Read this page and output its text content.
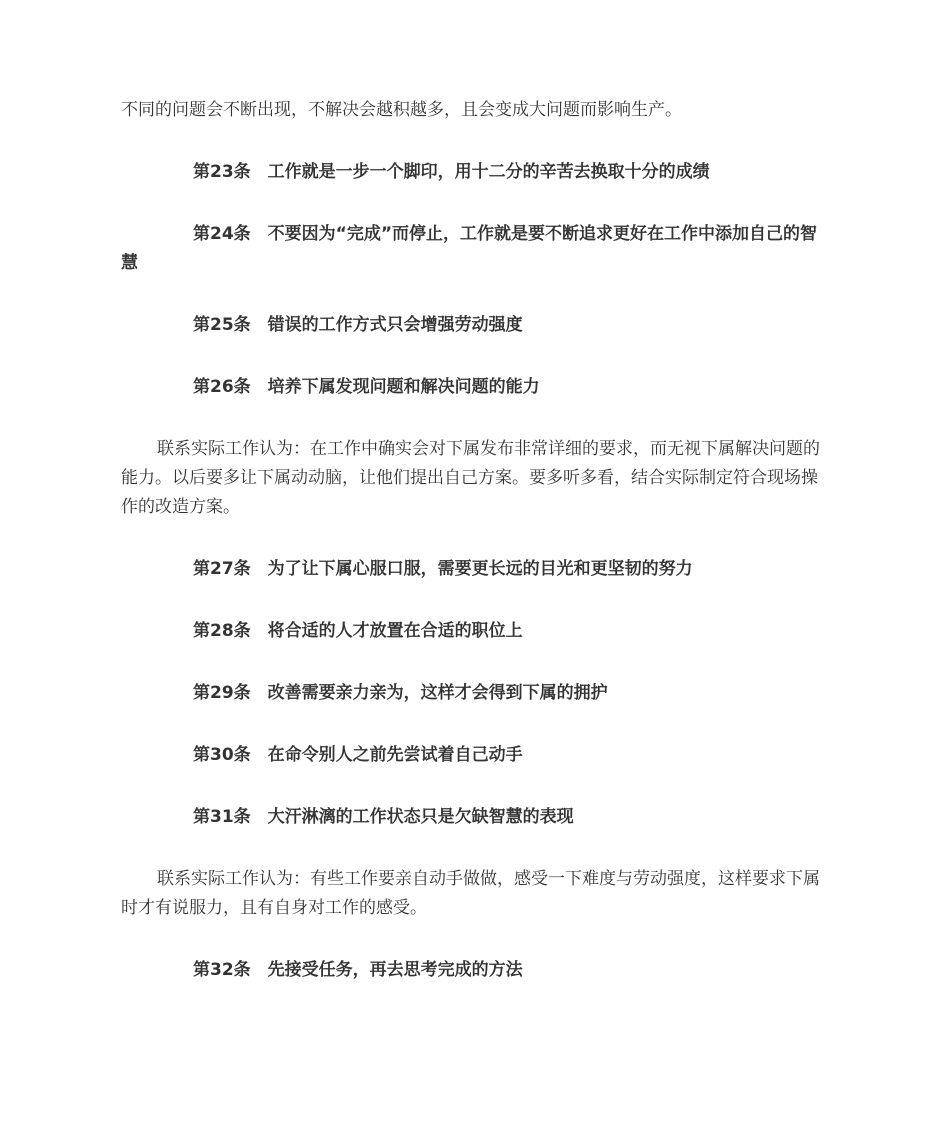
不同的问题会不断出现，不解决会越积越多，且会变成大问题而影响生产。

第23条 工作就是一步一个脚印，用十二分的辛苦去换取十分的成绩

第24条 不要因为“完成”而停止，工作就是要不断追求更好在工作中添加自己的智慧

第25条 错误的工作方式只会增强劳动强度

第26条 培养下属发现问题和解决问题的能力

联系实际工作认为：在工作中确实会对下属发布非常详细的要求，而无视下属解决问题的能力。以后要多让下属动动脑，让他们提出自己方案。要多听多看，结合实际制定符合现场操作的改造方案。

第27条 为了让下属心服口服，需要更长远的目光和更坚韧的努力

第28条 将合适的人才放置在合适的职位上

第29条 改善需要亲力亲为，这样才会得到下属的拥护

第30条 在命令别人之前先尝试着自己动手

第31条 大汗淋漓的工作状态只是欠缺智慧的表现

联系实际工作认为：有些工作要亲自动手做做，感受一下难度与劳动强度，这样要求下属时才有说服力，且有自身对工作的感受。

第32条 先接受任务，再去思考完成的方法
